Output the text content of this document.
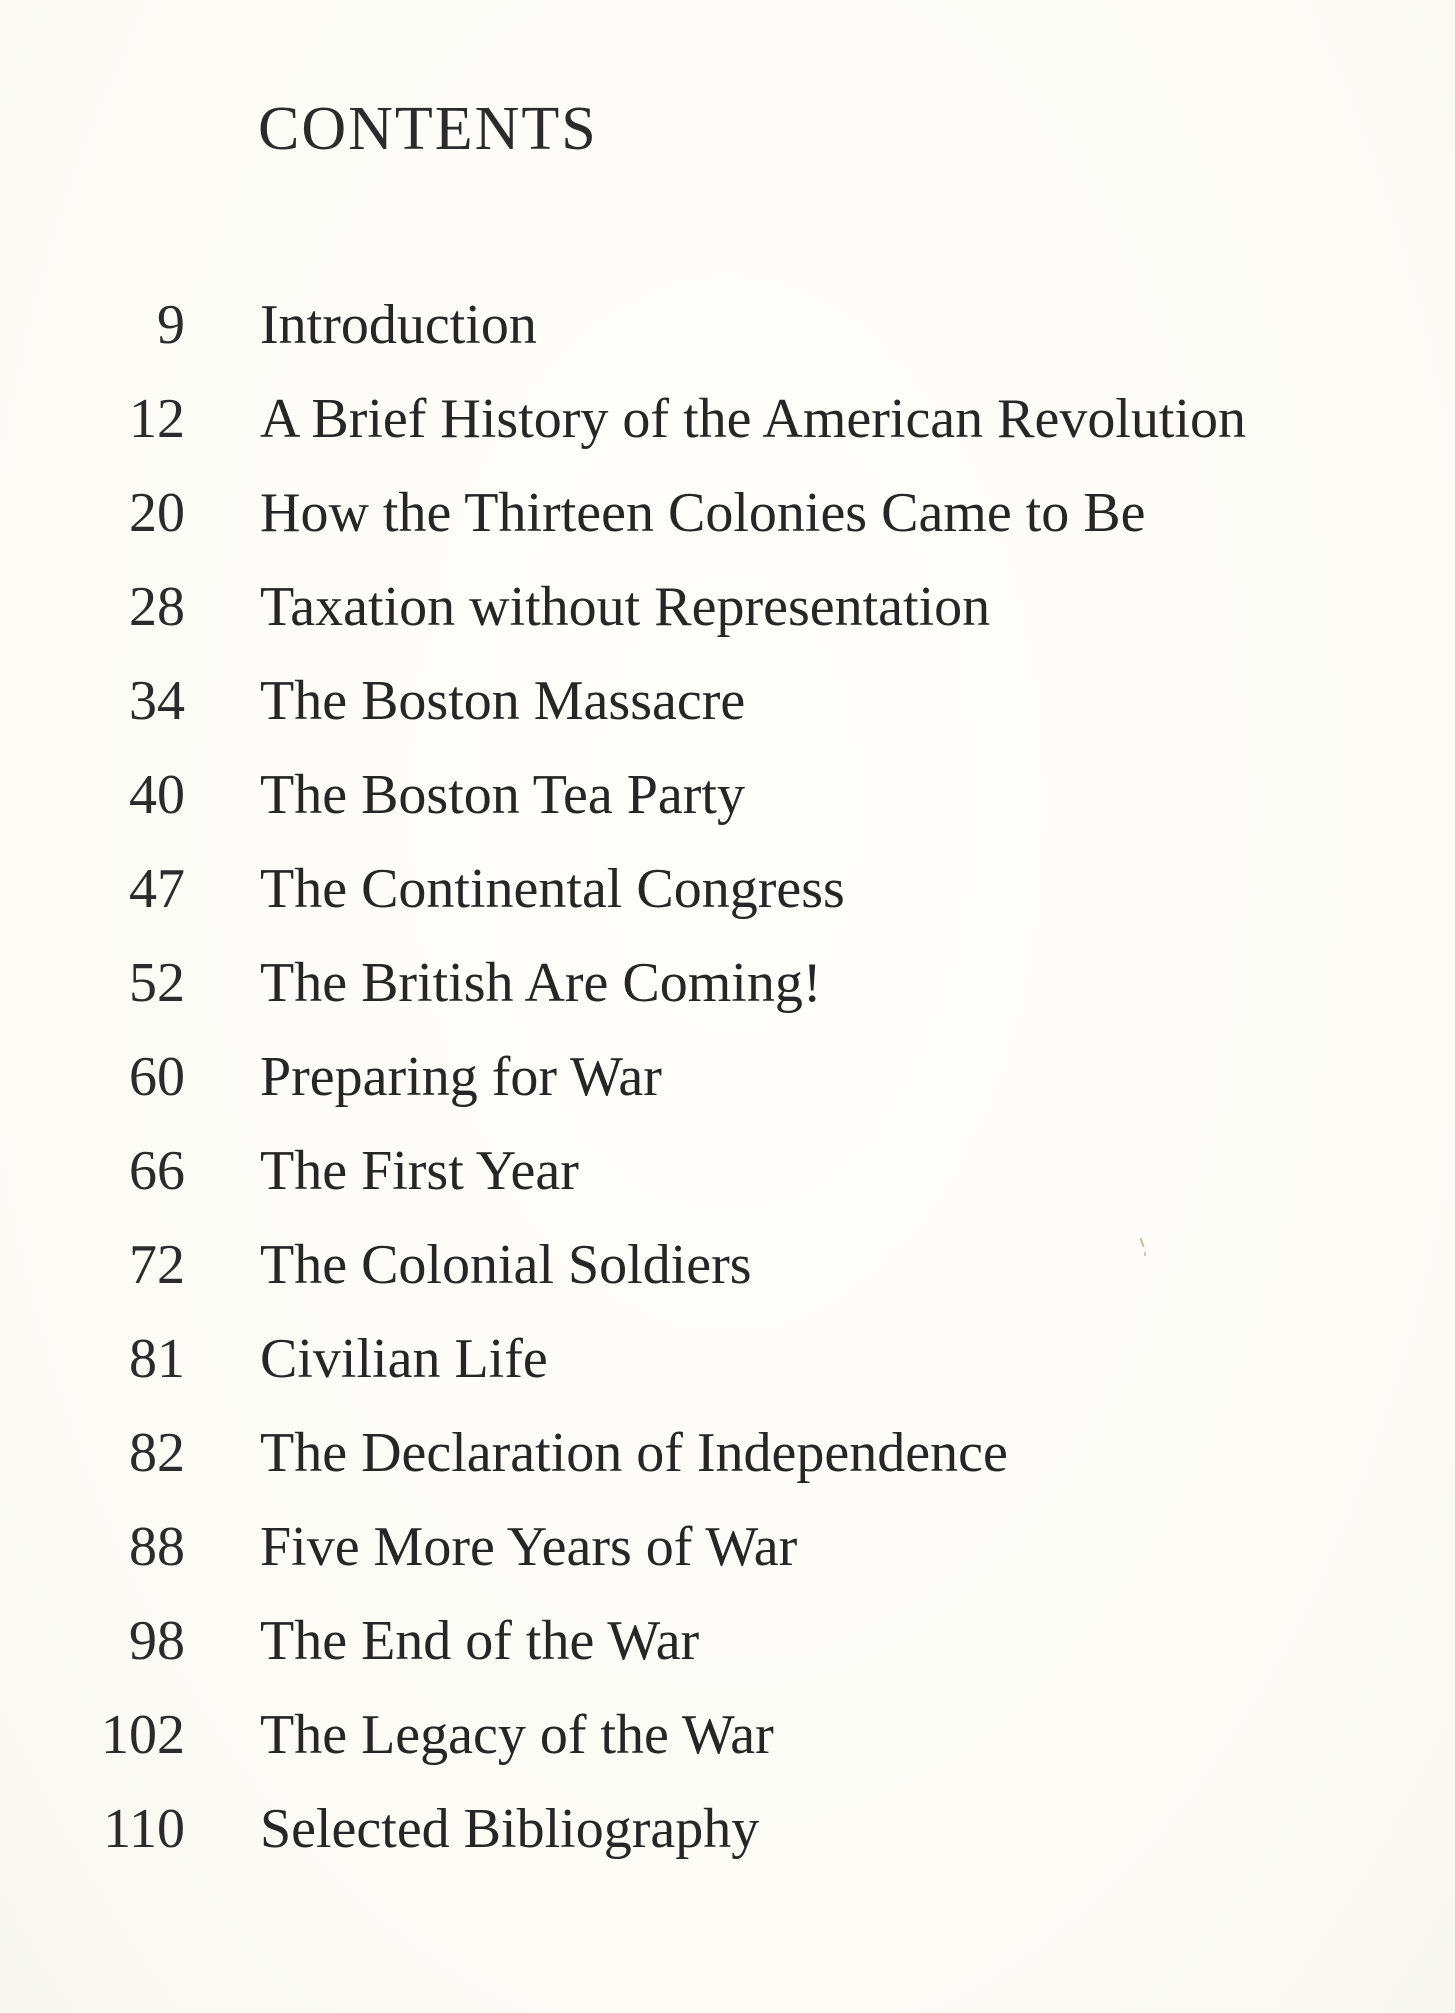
CONTENTS
9 Introduction
12 A Brief History of the American Revolution
20 How the Thirteen Colonies Came to Be
28 Taxation without Representation
34 The Boston Massacre
40 The Boston Tea Party
47 The Continental Congress
52 The British Are Coming!
60 Preparing for War
66 The First Year
72 The Colonial Soldiers
81 Civilian Life
82 The Declaration of Independence
88 Five More Years of War
98 The End of the War
102 The Legacy of the War
110 Selected Bibliography
